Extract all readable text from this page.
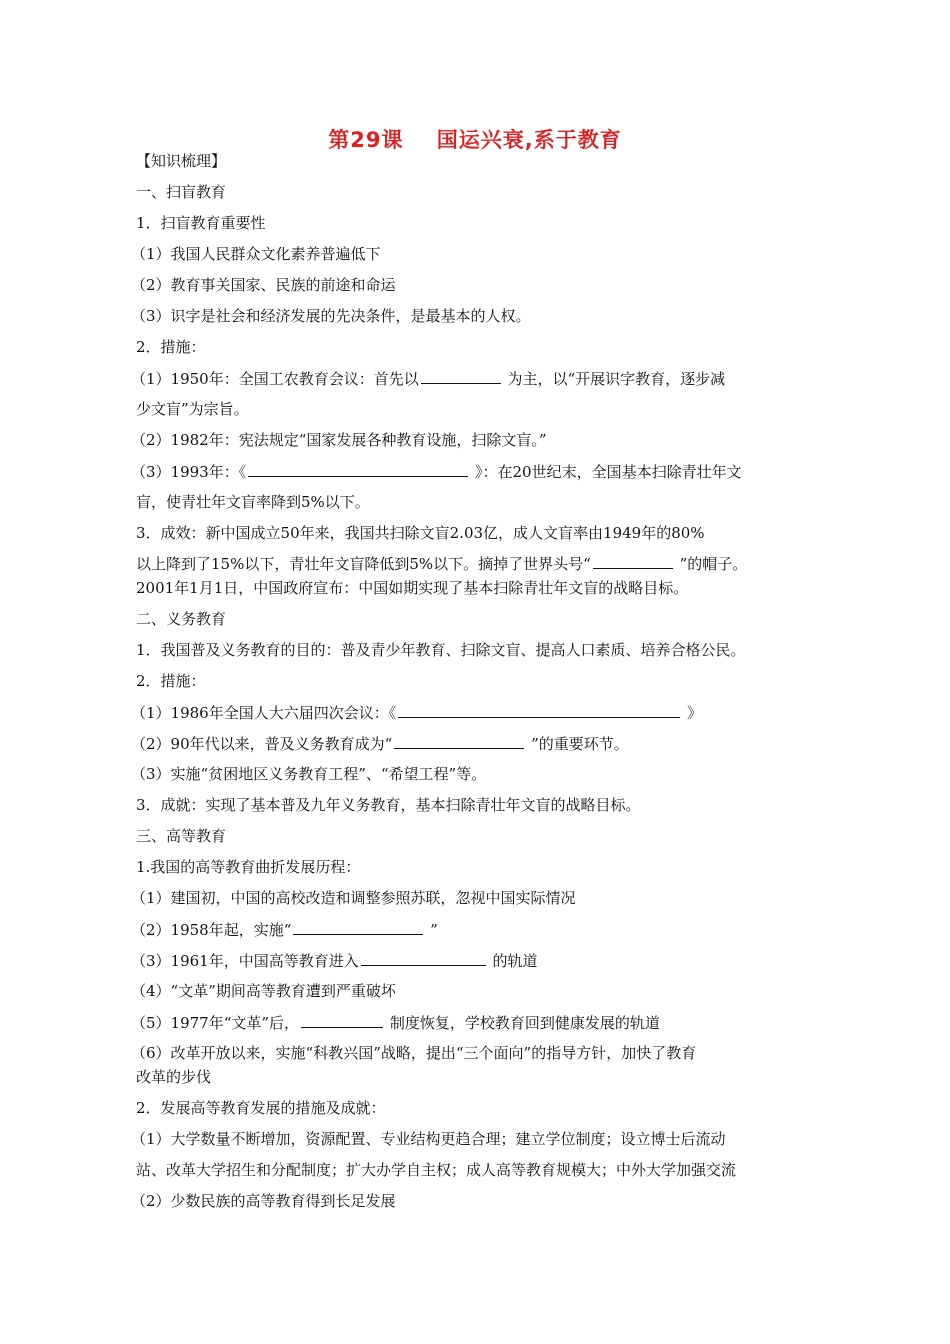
第29课    国运兴衰,系于教育
【知识梳理】
一、扫盲教育
1．扫盲教育重要性
（1）我国人民群众文化素养普遍低下
（2）教育事关国家、民族的前途和命运
（3）识字是社会和经济发展的先决条件，是最基本的人权。
2．措施：
（1）1950年：全国工农教育会议：首先以	为主，以“开展识字教育，逐步减
少文盲”为宗旨。
（2）1982年：宪法规定“国家发展各种教育设施，扫除文盲。”
（3）1993年：《	》：在20世纪末，全国基本扫除青壮年文
盲，使青壮年文盲率降到5%以下。
3．成效：新中国成立50年来，我国共扫除文盲2.03亿，成人文盲率由1949年的80%
以上降到了15%以下，青壮年文盲降低到5%以下。摘掉了世界头号“	”的帽子。
2001年1月1日，中国政府宣布：中国如期实现了基本扫除青壮年文盲的战略目标。
二、义务教育
1．我国普及义务教育的目的：普及青少年教育、扫除文盲、提高人口素质、培养合格公民。
2．措施：
（1）1986年全国人大六届四次会议：《	》
（2）90年代以来，普及义务教育成为“	”的重要环节。
（3）实施“贫困地区义务教育工程”、“希望工程”等。
3．成就：实现了基本普及九年义务教育，基本扫除青壮年文盲的战略目标。
三、高等教育
1.我国的高等教育曲折发展历程：
（1）建国初，中国的高校改造和调整参照苏联，忽视中国实际情况
（2）1958年起，实施“	”
（3）1961年，中国高等教育进入	的轨道
（4）“文革”期间高等教育遭到严重破坏
（5）1977年“文革”后，	制度恢复，学校教育回到健康发展的轨道
（6）改革开放以来，实施“科教兴国”战略，提出“三个面向”的指导方针，加快了教育
改革的步伐
2．发展高等教育发展的措施及成就：
（1）大学数量不断增加，资源配置、专业结构更趋合理；建立学位制度；设立博士后流动
站、改革大学招生和分配制度；扩大办学自主权；成人高等教育规模大；中外大学加强交流
（2）少数民族的高等教育得到长足发展
